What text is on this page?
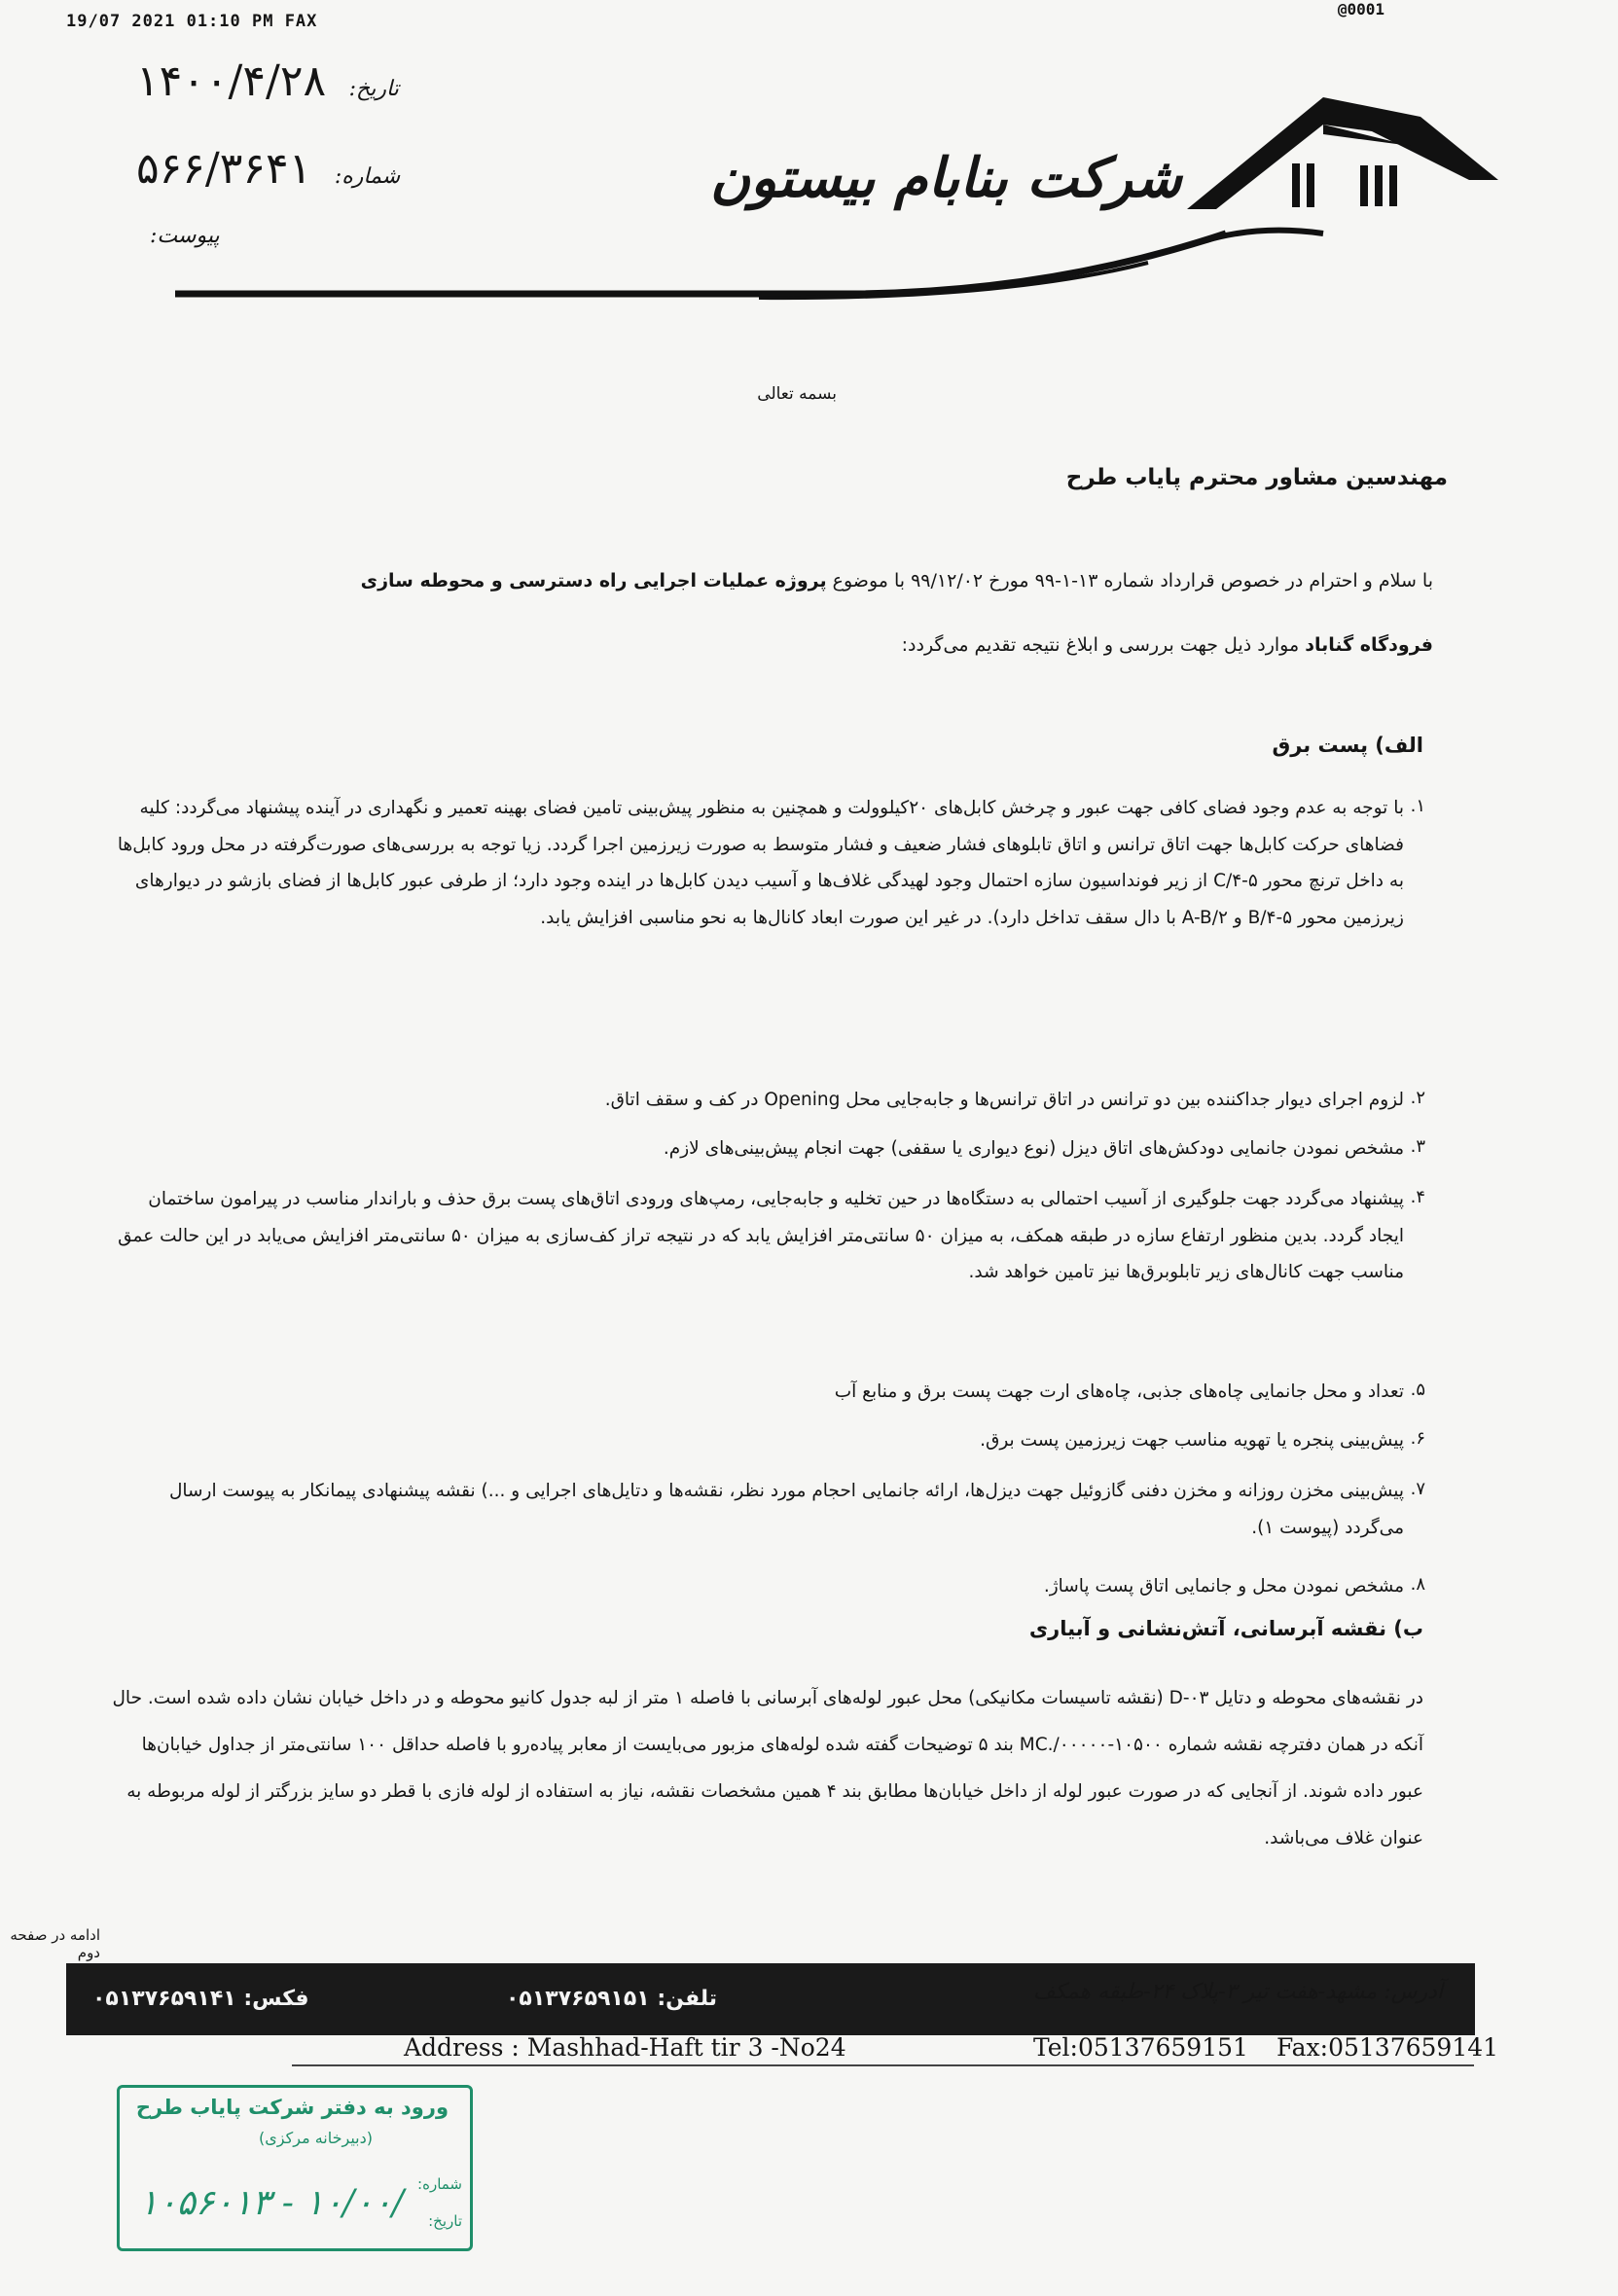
19/07 2021 01:10 PM FAX
@0001
تاریخ: ۱۴۰۰/۴/۲۸
شماره: ۵۶۶/۳۶۴۱
پیوست:
شرکت بنابام بیستون
بسمه تعالی
مهندسین مشاور محترم پایاب طرح
با سلام و احترام در خصوص قرارداد شماره ۱۳-۱-۹۹ مورخ ۹۹/۱۲/۰۲ با موضوع پروژه عملیات اجرایی راه دسترسی و محوطه سازی
فرودگاه گناباد موارد ذیل جهت بررسی و ابلاغ نتیجه تقدیم می‌گردد:
الف) پست برق
.۱
با توجه به عدم وجود فضای کافی جهت عبور و چرخش کابل‌های ۲۰کیلوولت و همچنین به منظور پیش‌بینی تامین فضای بهینه تعمیر و نگهداری در آینده پیشنهاد می‌گردد: کلیه فضاهای حرکت کابل‌ها جهت اتاق ترانس و اتاق تابلوهای فشار ضعیف و فشار متوسط به صورت زیرزمین اجرا گردد. زیا توجه به بررسی‌های صورت‌گرفته در محل ورود کابل‌ها به داخل ترنچ محور C/۴-۵ از زیر فونداسیون سازه احتمال وجود لهیدگی غلاف‌ها و آسیب دیدن کابل‌ها در اینده وجود دارد؛ از طرفی عبور کابل‌ها از فضای بازشو در دیوارهای زیرزمین محور B/۴-۵ و ۲/A-B با دال سقف تداخل دارد). در غیر این صورت ابعاد کانال‌ها به نحو مناسبی افزایش یابد.
.۲
لزوم اجرای دیوار جداکننده بین دو ترانس در اتاق ترانس‌ها و جابه‌جایی محل Opening در کف و سقف اتاق.
.۳
مشخص نمودن جانمایی دودکش‌های اتاق دیزل (نوع دیواری یا سقفی) جهت انجام پیش‌بینی‌های لازم.
.۴
پیشنهاد می‌گردد جهت جلوگیری از آسیب احتمالی به دستگاه‌ها در حین تخلیه و جابه‌جایی، رمپ‌های ورودی اتاق‌های پست برق حذف و باراندار مناسب در پیرامون ساختمان ایجاد گردد. بدین منظور ارتفاع سازه در طبقه همکف، به میزان ۵۰ سانتی‌متر افزایش یابد که در نتیجه تراز کف‌سازی به میزان ۵۰ سانتی‌متر افزایش می‌یابد در این حالت عمق مناسب جهت کانال‌های زیر تابلوبرق‌ها نیز تامین خواهد شد.
.۵
تعداد و محل جانمایی چاه‌های جذبی، چاه‌های ارت جهت پست برق و منابع آب
.۶
پیش‌بینی پنجره یا تهویه مناسب جهت زیرزمین پست برق.
.۷
پیش‌بینی مخزن روزانه و مخزن دفنی گازوئیل جهت دیزل‌ها، ارائه جانمایی احجام مورد نظر، نقشه‌ها و دتایل‌های اجرایی و ...) نقشه پیشنهادی پیمانکار به پیوست ارسال می‌گردد (پیوست ۱).
.۸
مشخص نمودن محل و جانمایی اتاق پست پاساژ.
ب) نقشه آبرسانی، آتش‌نشانی و آبیاری
در نقشه‌های محوطه و دتایل D-۰۳ (نقشه تاسیسات مکانیکی) محل عبور لوله‌های آبرسانی با فاصله ۱ متر از لبه جدول کانیو محوطه و در داخل خیابان نشان داده شده است. حال آنکه در همان دفترچه نقشه شماره MC./۰۰۰۰۰-۱۰۵۰۰ بند ۵ توضیحات گفته شده لوله‌های مزبور می‌بایست از معابر پیاده‌رو با فاصله حداقل ۱۰۰ سانتی‌متر از جداول خیابان‌ها عبور داده شوند. از آنجایی که در صورت عبور لوله از داخل خیابان‌ها مطابق بند ۴ همین مشخصات نقشه، نیاز به استفاده از لوله فازی با قطر دو سایز بزرگتر از لوله مربوطه به عنوان غلاف می‌باشد.
ادامه در صفحه دوم
آدرس: مشهد-هفت تیر ۳-پلاک ۲۴-طبقه همکف
تلفن: ۰۵۱۳۷۶۵۹۱۵۱
فکس: ۰۵۱۳۷۶۵۹۱۴۱
Address : Mashhad-Haft tir 3 -No24	Tel:05137659151 Fax:05137659141
ورود به دفتر شرکت پایاب طرح
(دبیرخانه مرکزی)
شماره:
تاریخ:
۱۰۵۶۰۱۳ - ۱۰/۰۰/
